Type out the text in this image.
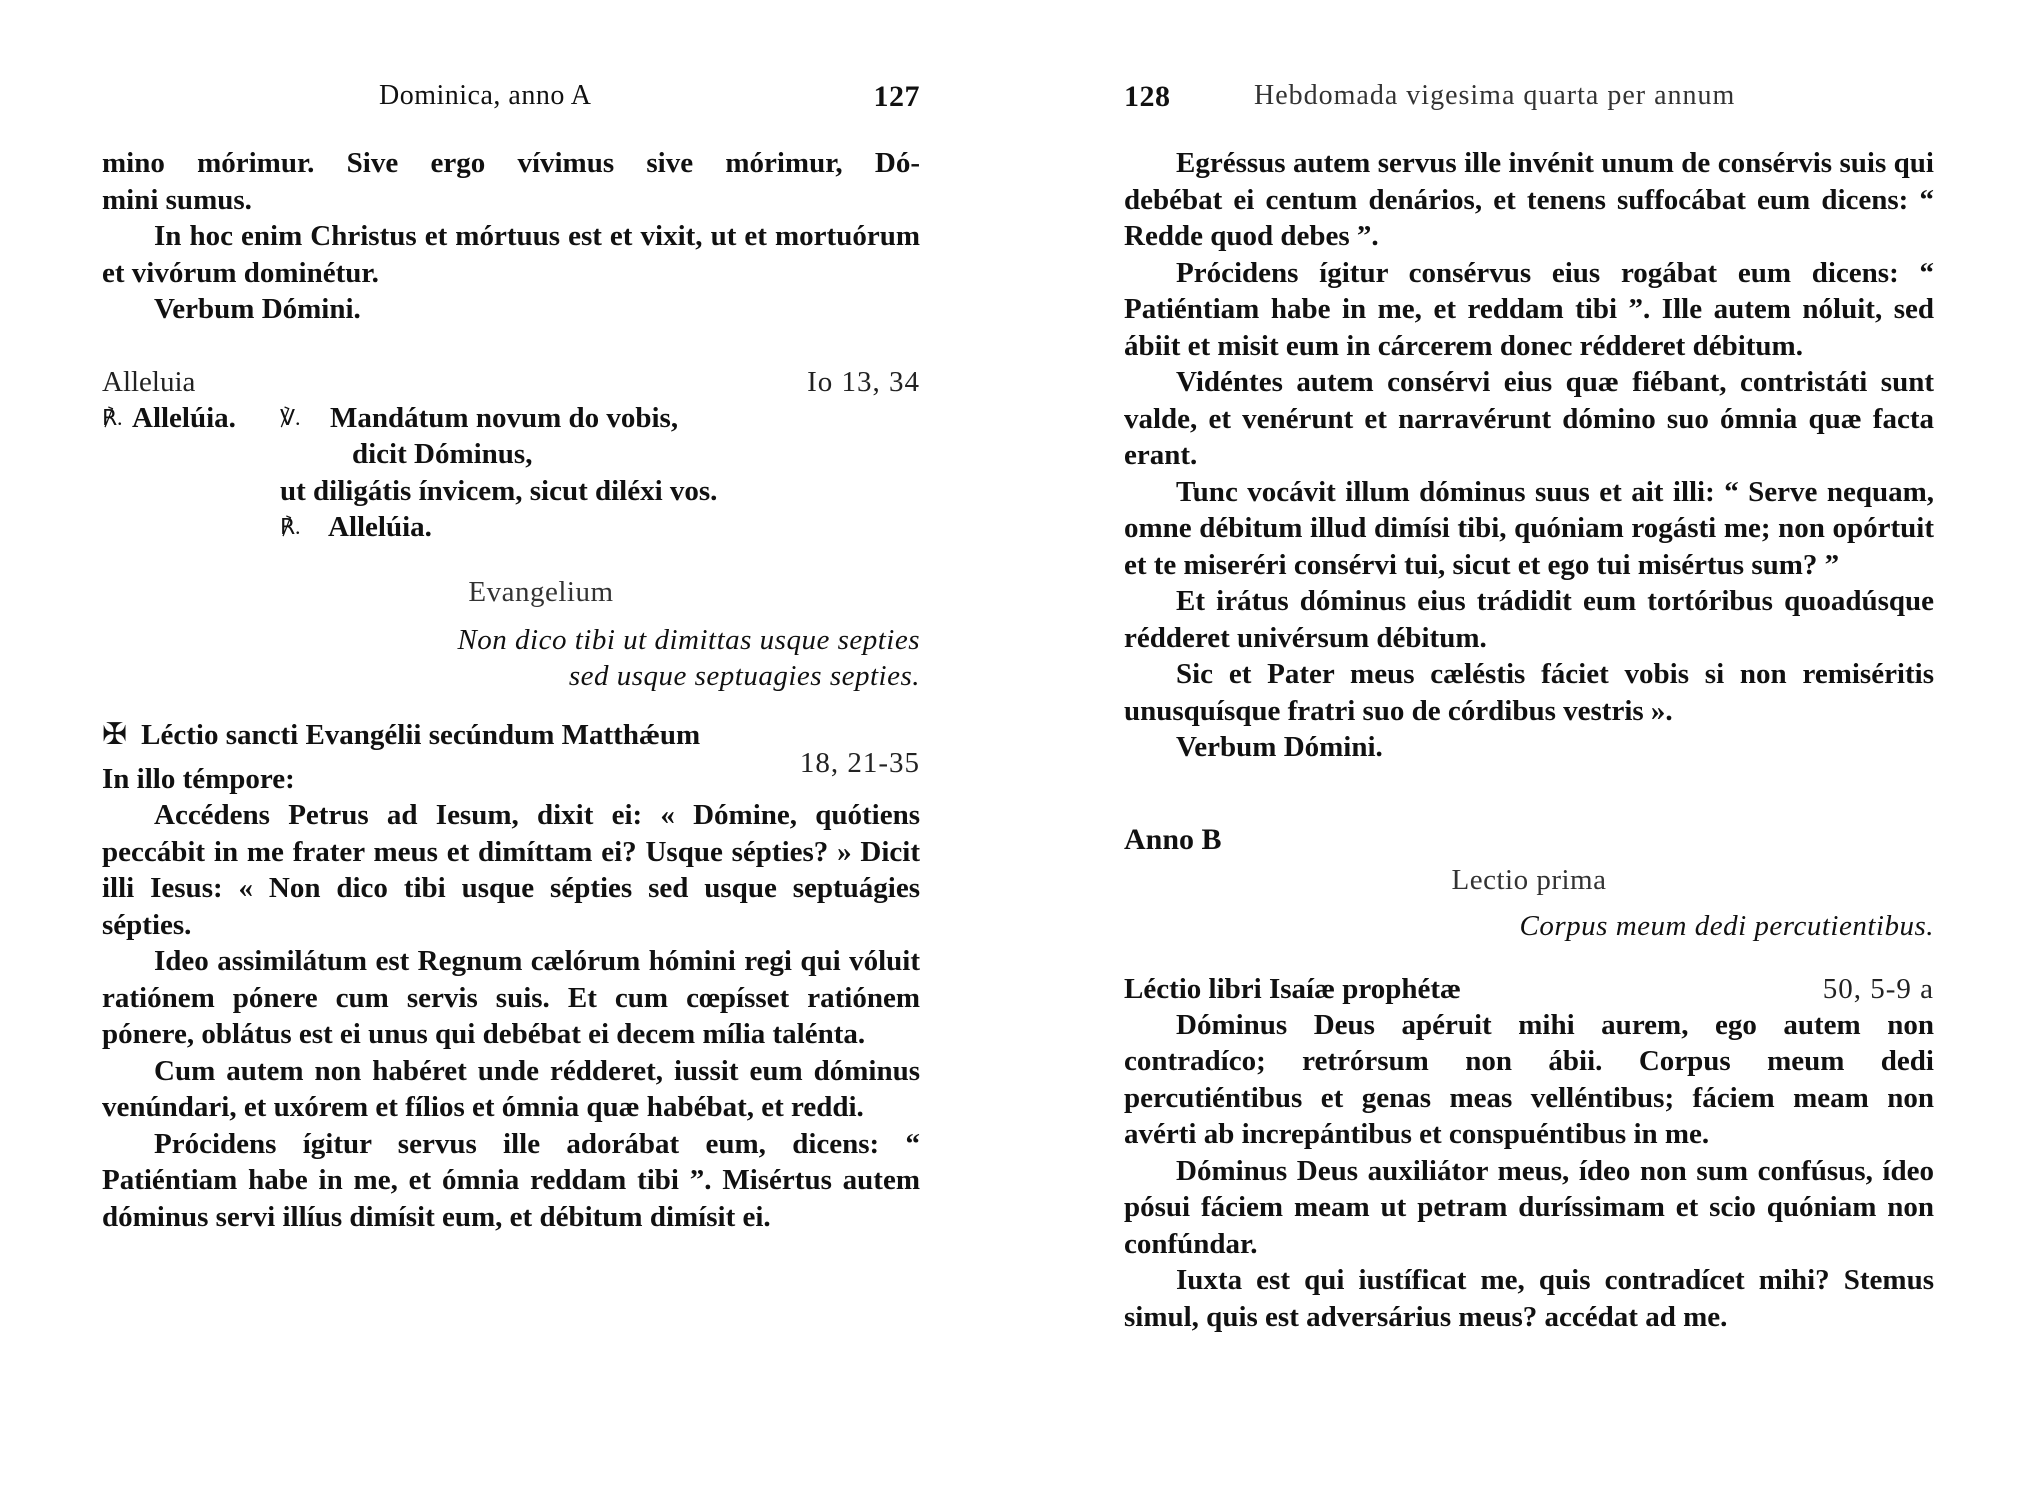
Dominica, anno A	127

mino mórimur. Sive ergo vívimus sive mórimur, Dó-

mini sumus.

In hoc enim Christus et mórtuus est et vixit, ut et mortuórum et vivórum dominétur.

Verbum Dómini.

Alleluia	Io 13, 34
℟. Allelúia. ℣. Mandátum novum do vobis,
dicit Dóminus,
ut diligátis ínvicem, sicut diléxi vos.
℟. Allelúia.
Evangelium
Non dico tibi ut dimittas usque septies
sed usque septuagies septies.
✠ Léctio sancti Evangélii secúndum Matthǽum
In illo témpore:	18, 21-35

Accédens Petrus ad Iesum, dixit ei: « Dómine, quótiens peccábit in me frater meus et dimíttam ei? Usque sépties? » Dicit illi Iesus: « Non dico tibi usque sépties sed usque septuágies sépties.

Ideo assimilátum est Regnum cælórum hómini regi qui vóluit ratiónem pónere cum servis suis. Et cum cœpísset ratiónem pónere, oblátus est ei unus qui debébat ei decem mília talénta.

Cum autem non habéret unde rédderet, iussit eum dóminus venúndari, et uxórem et fílios et ómnia quæ habébat, et reddi.

Prócidens ígitur servus ille adorábat eum, dicens: “ Patiéntiam habe in me, et ómnia reddam tibi ”. Misértus autem dóminus servi illíus dimísit eum, et débitum dimísit ei.

128	Hebdomada vigesima quarta per annum

Egréssus autem servus ille invénit unum de consérvis suis qui debébat ei centum denários, et tenens suffocábat eum dicens: “ Redde quod debes ”.

Prócidens ígitur consérvus eius rogábat eum dicens: “ Patiéntiam habe in me, et reddam tibi ”. Ille autem nóluit, sed ábiit et misit eum in cárcerem donec rédderet débitum.

Vidéntes autem consérvi eius quæ fiébant, contristáti sunt valde, et venérunt et narravérunt dómino suo ómnia quæ facta erant.

Tunc vocávit illum dóminus suus et ait illi: “ Serve nequam, omne débitum illud dimísi tibi, quóniam rogásti me; non opórtuit et te miseréri consérvi tui, sicut et ego tui misértus sum? ”

Et irátus dóminus eius trádidit eum tortóribus quoadúsque rédderet univérsum débitum.

Sic et Pater meus cæléstis fáciet vobis si non remiséritis unusquísque fratri suo de córdibus vestris ».

Verbum Dómini.

Anno B
Lectio prima
Corpus meum dedi percutientibus.
Léctio libri Isaíæ prophétæ	50, 5-9 a

Dóminus Deus apéruit mihi aurem, ego autem non contradíco; retrórsum non ábii. Corpus meum dedi percutiéntibus et genas meas velléntibus; fáciem meam non avérti ab increpántibus et conspuéntibus in me.

Dóminus Deus auxiliátor meus, ídeo non sum confúsus, ídeo pósui fáciem meam ut petram duríssimam et scio quóniam non confúndar.

Iuxta est qui iustíficat me, quis contradícet mihi? Stemus simul, quis est adversárius meus? accédat ad me.
